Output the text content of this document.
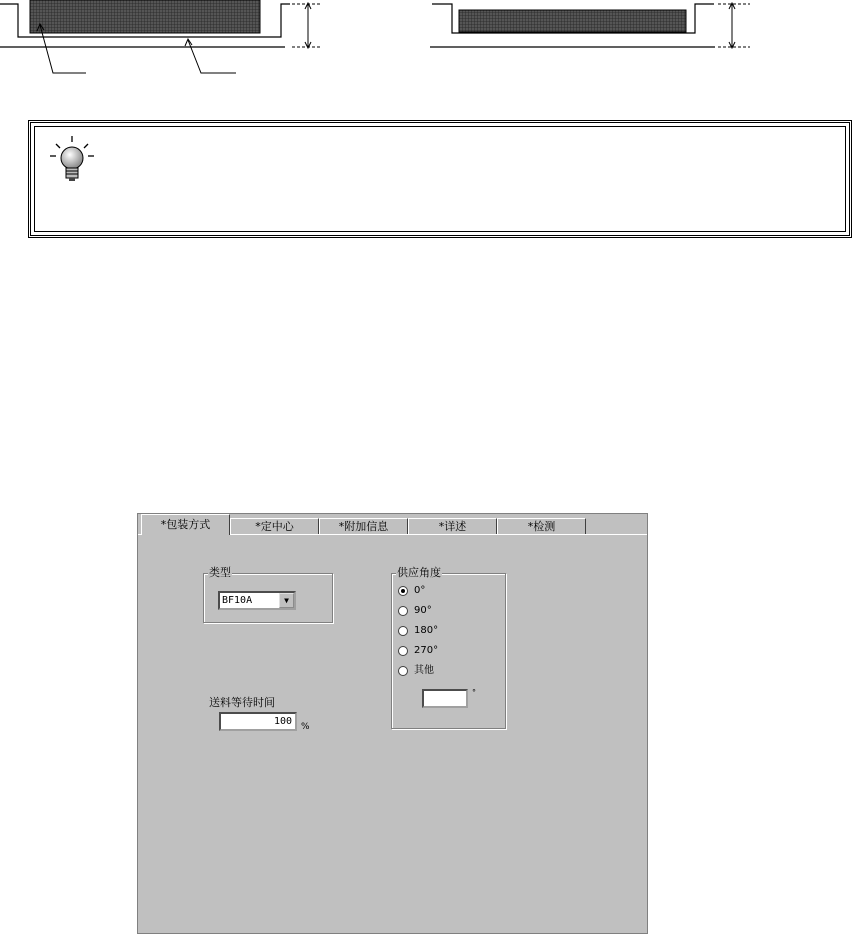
*包装方式	*定中心	*附加信息	*详述	*检测
类型
BF10A	▼
送料等待时间
100	%
供应角度
0°
90°
180°
270°
其他
°
